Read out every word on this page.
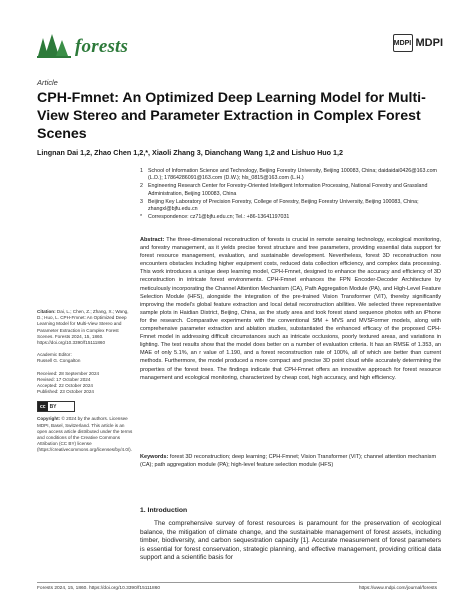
forests	MDPI MDPI
Article
CPH-Fmnet: An Optimized Deep Learning Model for Multi-View Stereo and Parameter Extraction in Complex Forest Scenes
Lingnan Dai 1,2, Zhao Chen 1,2,*, Xiaoli Zhang 3, Dianchang Wang 1,2 and Lishuo Huo 1,2
1 School of Information Science and Technology, Beijing Forestry University, Beijing 100083, China; daidaidai0426@163.com (L.D.); 17864286091@163.com (D.W.); hls_0815@163.com (L.H.)
2 Engineering Research Center for Forestry-Oriented Intelligent Information Processing, National Forestry and Grassland Administration, Beijing 100083, China
3 Beijing Key Laboratory of Precision Forestry, College of Forestry, Beijing Forestry University, Beijing 100083, China; zhangxl@bjfu.edu.cn
*	Correspondence: cz71@bjfu.edu.cn; Tel.: +86-13641197031
Abstract: The three-dimensional reconstruction of forests is crucial in remote sensing technology, ecological monitoring, and forestry management, as it yields precise forest structure and tree parameters, providing essential data support for forest resource management, evaluation, and sustainable development. Nevertheless, forest 3D reconstruction now encounters obstacles including higher equipment costs, reduced data collection efficiency, and complex data processing. This work introduces a unique deep learning model, CPH-Fmnet, designed to enhance the accuracy and efficiency of 3D reconstruction in intricate forest environments. CPH-Fmnet enhances the FPN Encoder-Decoder Architecture by meticulously incorporating the Channel Attention Mechanism (CA), Path Aggregation Module (PA), and High-Level Feature Selection Module (HFS), alongside the integration of the pre-trained Vision Transformer (ViT), thereby significantly improving the model's global feature extraction and local detail reconstruction abilities. We selected three representative sample plots in Haidian District, Beijing, China, as the study area and took forest stand sequence photos with an iPhone for the research. Comparative experiments with the conventional SfM + MVS and MVSFormer models, along with comprehensive parameter extraction and ablation studies, substantiated the enhanced efficacy of the proposed CPH-Fmnet model in addressing difficult circumstances such as intricate occlusions, poorly textured areas, and variations in lighting. The test results show that the model does better on a number of evaluation criteria. It has an RMSE of 1.353, an MAE of only 5.1%, an r value of 1.190, and a forest reconstruction rate of 100%, all of which are better than current methods. Furthermore, the model produced a more compact and precise 3D point cloud while accurately determining the properties of the forest trees. The findings indicate that CPH-Fmnet offers an innovative approach for forest resource management and ecological monitoring, characterized by cheap cost, high accuracy, and high efficiency.
Keywords: forest 3D reconstruction; deep learning; CPH-Fmnet; Vision Transformer (ViT); channel attention mechanism (CA); path aggregation module (PA); high-level feature selection module (HFS)
Citation: Dai, L.; Chen, Z.; Zhang, X.; Wang, D.; Huo, L. CPH-Fmnet: An Optimized Deep Learning Model for Multi-View Stereo and Parameter Extraction in Complex Forest Scenes. Forests 2024, 15, 1860. https://doi.org/10.3390/f15111860
Academic Editor:
Russell G. Congalton
Received: 28 September 2024
Revised: 17 October 2024
Accepted: 22 October 2024
Published: 23 October 2024
cc BY
Copyright: © 2024 by the authors. Licensee MDPI, Basel, Switzerland. This article is an open access article distributed under the terms and conditions of the Creative Commons Attribution (CC BY) license (https://creativecommons.org/licenses/by/4.0/).
1. Introduction

The comprehensive survey of forest resources is paramount for the preservation of ecological balance, the mitigation of climate change, and the sustainable management of forest assets, including timber, biodiversity, and carbon sequestration capacity [1]. Accurate measurement of forest parameters is essential for forest conservation, strategic planning, and effective management, providing critical data support and a scientific basis for

Forests 2024, 15, 1860. https://doi.org/10.3390/f15111860	https://www.mdpi.com/journal/forests
